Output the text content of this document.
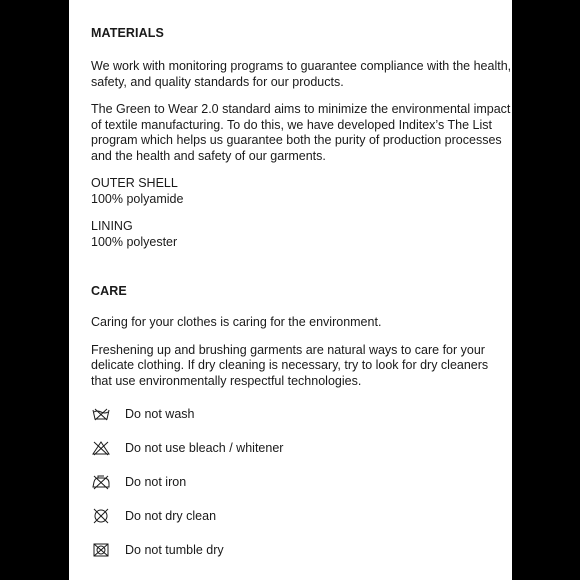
MATERIALS

We work with monitoring programs to guarantee compliance with the health, safety, and quality standards for our products.

The Green to Wear 2.0 standard aims to minimize the environmental impact of textile manufacturing. To do this, we have developed Inditex’s The List program which helps us guarantee both the purity of production processes and the health and safety of our garments.

OUTER SHELL

100% polyamide

LINING

100% polyester

CARE

Caring for your clothes is caring for the environment.

Freshening up and brushing garments are natural ways to care for your delicate clothing. If dry cleaning is necessary, try to look for dry cleaners that use environmentally respectful technologies.

Do not wash
Do not use bleach / whitener
Do not iron
Do not dry clean
Do not tumble dry
